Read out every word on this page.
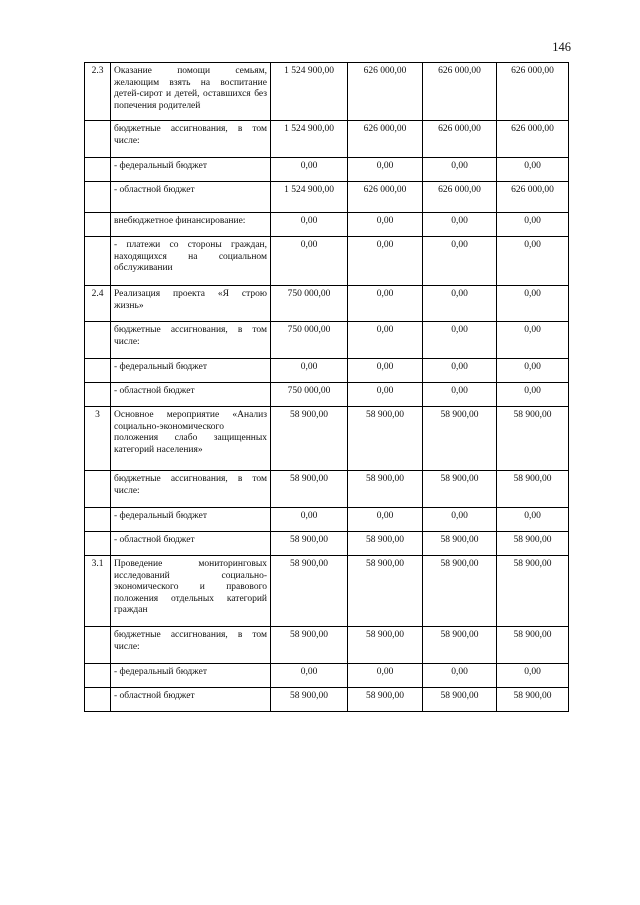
146
2.3	Оказание помощи семьям, желающим взять на воспитание детей-сирот и детей, оставшихся без попечения родителей	1 524 900,00	626 000,00	626 000,00	626 000,00
	бюджетные ассигнования, в том числе:	1 524 900,00	626 000,00	626 000,00	626 000,00
	- федеральный бюджет	0,00	0,00	0,00	0,00
	- областной бюджет	1 524 900,00	626 000,00	626 000,00	626 000,00
	внебюджетное финансирование:	0,00	0,00	0,00	0,00
	- платежи со стороны граждан, находящихся на социальном обслуживании	0,00	0,00	0,00	0,00
2.4	Реализация проекта «Я строю жизнь»	750 000,00	0,00	0,00	0,00
	бюджетные ассигнования, в том числе:	750 000,00	0,00	0,00	0,00
	- федеральный бюджет	0,00	0,00	0,00	0,00
	- областной бюджет	750 000,00	0,00	0,00	0,00
3	Основное мероприятие «Анализ социально-экономического положения слабо защищенных категорий населения»	58 900,00	58 900,00	58 900,00	58 900,00
	бюджетные ассигнования, в том числе:	58 900,00	58 900,00	58 900,00	58 900,00
	- федеральный бюджет	0,00	0,00	0,00	0,00
	- областной бюджет	58 900,00	58 900,00	58 900,00	58 900,00
3.1	Проведение мониторинговых исследований социально-экономического и правового положения отдельных категорий граждан	58 900,00	58 900,00	58 900,00	58 900,00
	бюджетные ассигнования, в том числе:	58 900,00	58 900,00	58 900,00	58 900,00
	- федеральный бюджет	0,00	0,00	0,00	0,00
	- областной бюджет	58 900,00	58 900,00	58 900,00	58 900,00
